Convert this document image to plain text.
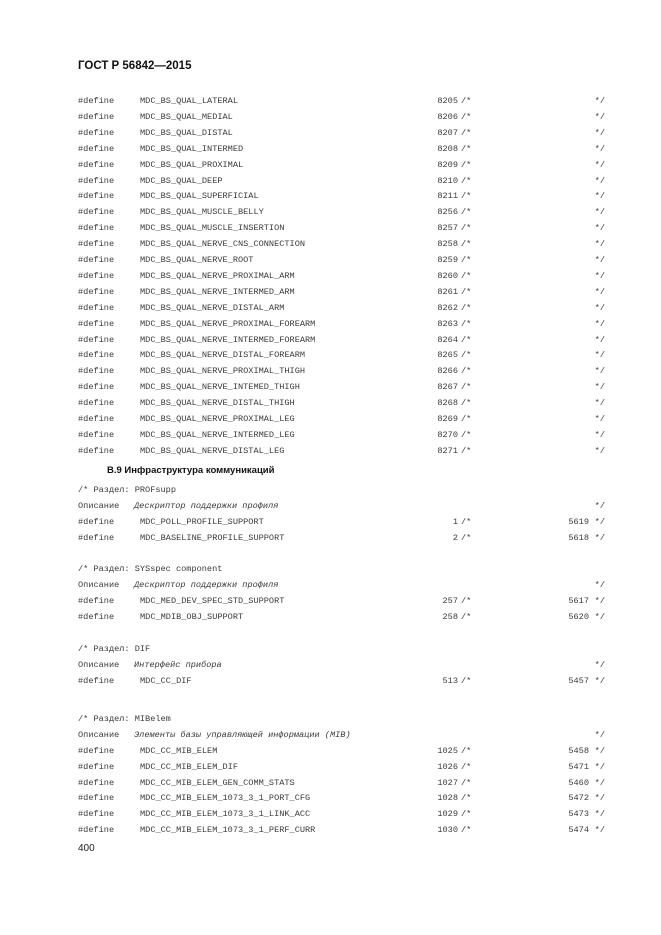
ГОСТ Р 56842—2015
#define	MDC_BS_QUAL_LATERAL	8205 /*	*/
#define	MDC_BS_QUAL_MEDIAL	8206 /*	*/
#define	MDC_BS_QUAL_DISTAL	8207 /*	*/
#define	MDC_BS_QUAL_INTERMED	8208 /*	*/
#define	MDC_BS_QUAL_PROXIMAL	8209 /*	*/
#define	MDC_BS_QUAL_DEEP	8210 /*	*/
#define	MDC_BS_QUAL_SUPERFICIAL	8211 /*	*/
#define	MDC_BS_QUAL_MUSCLE_BELLY	8256 /*	*/
#define	MDC_BS_QUAL_MUSCLE_INSERTION	8257 /*	*/
#define	MDC_BS_QUAL_NERVE_CNS_CONNECTION	8258 /*	*/
#define	MDC_BS_QUAL_NERVE_ROOT	8259 /*	*/
#define	MDC_BS_QUAL_NERVE_PROXIMAL_ARM	8260 /*	*/
#define	MDC_BS_QUAL_NERVE_INTERMED_ARM	8261 /*	*/
#define	MDC_BS_QUAL_NERVE_DISTAL_ARM	8262 /*	*/
#define	MDC_BS_QUAL_NERVE_PROXIMAL_FOREARM	8263 /*	*/
#define	MDC_BS_QUAL_NERVE_INTERMED_FOREARM	8264 /*	*/
#define	MDC_BS_QUAL_NERVE_DISTAL_FOREARM	8265 /*	*/
#define	MDC_BS_QUAL_NERVE_PROXIMAL_THIGH	8266 /*	*/
#define	MDC_BS_QUAL_NERVE_INTEMED_THIGH	8267 /*	*/
#define	MDC_BS_QUAL_NERVE_DISTAL_THIGH	8268 /*	*/
#define	MDC_BS_QUAL_NERVE_PROXIMAL_LEG	8269 /*	*/
#define	MDC_BS_QUAL_NERVE_INTERMED_LEG	8270 /*	*/
#define	MDC_BS_QUAL_NERVE_DISTAL_LEG	8271 /*	*/
В.9 Инфраструктура коммуникаций
/* Раздел: PROFsupp
Описание Дескриптор поддержки профиля	*/
#define	MDC_POLL_PROFILE_SUPPORT	1 /*	5619 */
#define	MDC_BASELINE_PROFILE_SUPPORT	2 /*	5618 */
/* Раздел: SYSspec component
Описание Дескриптор поддержки профиля	*/
#define	MDC_MED_DEV_SPEC_STD_SUPPORT	257 /*	5617 */
#define	MDC_MDIB_OBJ_SUPPORT	258 /*	5620 */
/* Раздел: DIF
Описание Интерфейс прибора	*/
#define	MDC_CC_DIF	513 /*	5457 */
/* Раздел: MIBelem
Описание Элементы базы управляющей информации (MIB)	*/
#define	MDC_CC_MIB_ELEM	1025 /*	5458 */
#define	MDC_CC_MIB_ELEM_DIF	1026 /*	5471 */
#define	MDC_CC_MIB_ELEM_GEN_COMM_STATS	1027 /*	5460 */
#define	MDC_CC_MIB_ELEM_1073_3_1_PORT_CFG	1028 /*	5472 */
#define	MDC_CC_MIB_ELEM_1073_3_1_LINK_ACC	1029 /*	5473 */
#define	MDC_CC_MIB_ELEM_1073_3_1_PERF_CURR	1030 /*	5474 */
400
